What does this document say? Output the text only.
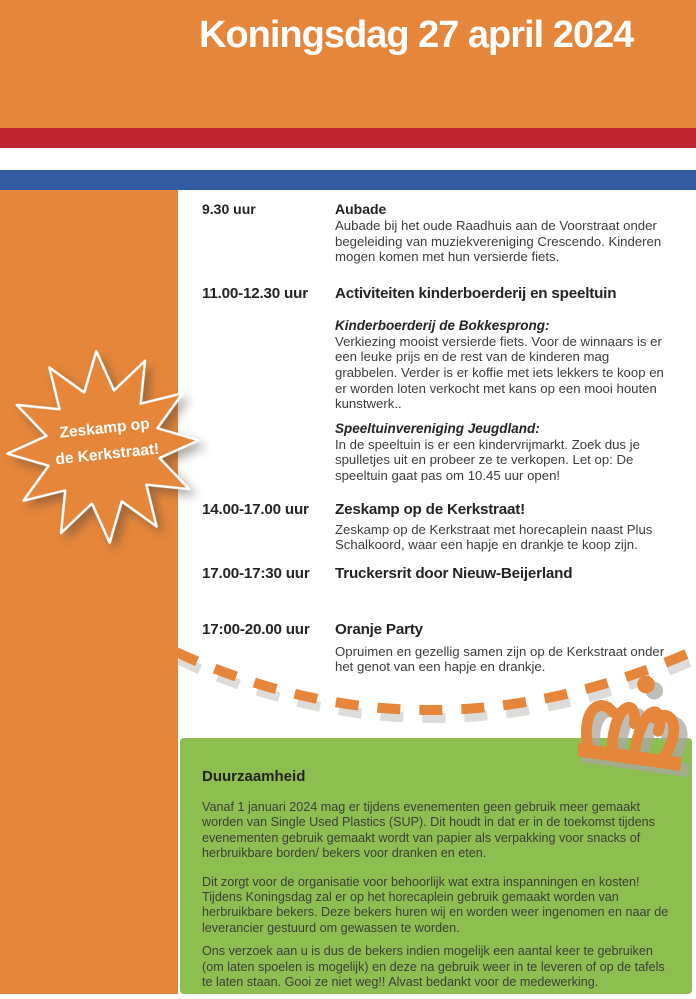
Koningsdag 27 april 2024
Zeskamp op
de Kerkstraat!
9.30 uur	Aubade
Aubade bij het oude Raadhuis aan de Voorstraat onder begeleiding van muziekvereniging Crescendo. Kinderen mogen komen met hun versierde fiets.
11.00-12.30 uur	Activiteiten kinderboerderij en speeltuin
Kinderboerderij de Bokkesprong:
Verkiezing mooist versierde fiets. Voor de winnaars is er een leuke prijs en de rest van de kinderen mag grabbelen. Verder is er koffie met iets lekkers te koop en er worden loten verkocht met kans op een mooi houten kunstwerk..
Speeltuinvereniging Jeugdland:
In de speeltuin is er een kindervrijmarkt. Zoek dus je spulletjes uit en probeer ze te verkopen. Let op: De speeltuin gaat pas om 10.45 uur open!
14.00-17.00 uur	Zeskamp op de Kerkstraat!
Zeskamp op de Kerkstraat met horecaplein naast Plus Schalkoord, waar een hapje en drankje te koop zijn.
17.00-17:30 uur	Truckersrit door Nieuw-Beijerland
17:00-20.00 uur	Oranje Party
Opruimen en gezellig samen zijn op de Kerkstraat onder het genot van een hapje en drankje.
Duurzaamheid

Vanaf 1 januari 2024 mag er tijdens evenementen geen gebruik meer gemaakt worden van Single Used Plastics (SUP). Dit houdt in dat er in de toekomst tijdens evenementen gebruik gemaakt wordt van papier als verpakking voor snacks of herbruikbare borden/ bekers voor dranken en eten.

Dit zorgt voor de organisatie voor behoorlijk wat extra inspanningen en kosten! Tijdens Koningsdag zal er op het horecaplein gebruik gemaakt worden van herbruikbare bekers. Deze bekers huren wij en worden weer ingenomen en naar de leverancier gestuurd om gewassen te worden.

Ons verzoek aan u is dus de bekers indien mogelijk een aantal keer te gebruiken (om laten spoelen is mogelijk) en deze na gebruik weer in te leveren of op de tafels te laten staan. Gooi ze niet weg!! Alvast bedankt voor de medewerking.
